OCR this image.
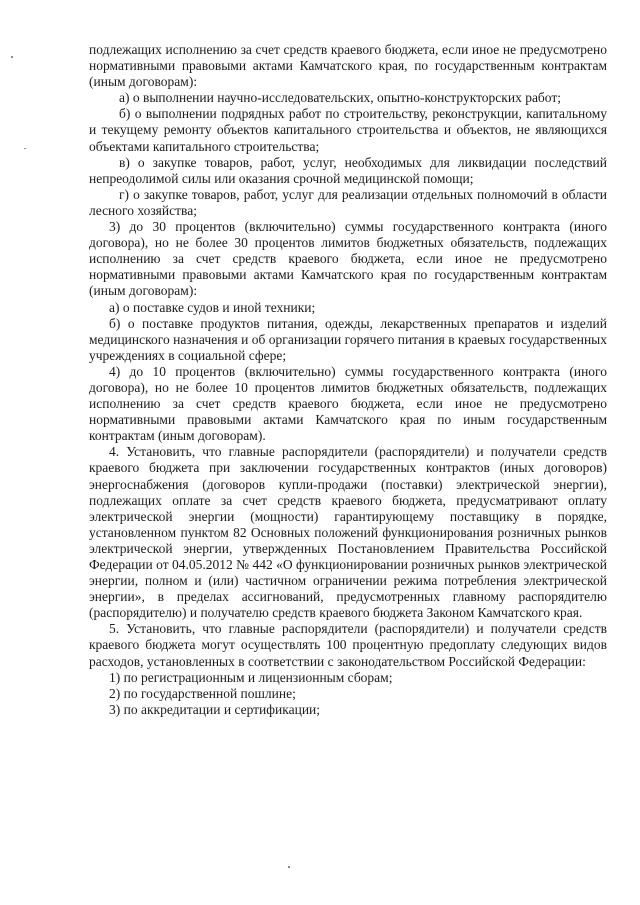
подлежащих исполнению за счет средств краевого бюджета, если иное не предусмотрено нормативными правовыми актами Камчатского края, по государственным контрактам (иным договорам):

а) о выполнении научно-исследовательских, опытно-конструкторских работ;

б) о выполнении подрядных работ по строительству, реконструкции, капитальному и текущему ремонту объектов капитального строительства и объектов, не являющихся объектами капитального строительства;

в) о закупке товаров, работ, услуг, необходимых для ликвидации последствий непреодолимой силы или оказания срочной медицинской помощи;

г) о закупке товаров, работ, услуг для реализации отдельных полномочий в области лесного хозяйства;

3) до 30 процентов (включительно) суммы государственного контракта (иного договора), но не более 30 процентов лимитов бюджетных обязательств, подлежащих исполнению за счет средств краевого бюджета, если иное не предусмотрено нормативными правовыми актами Камчатского края по государственным контрактам (иным договорам):

а) о поставке судов и иной техники;

б) о поставке продуктов питания, одежды, лекарственных препаратов и изделий медицинского назначения и об организации горячего питания в краевых государственных учреждениях в социальной сфере;

4) до 10 процентов (включительно) суммы государственного контракта (иного договора), но не более 10 процентов лимитов бюджетных обязательств, подлежащих исполнению за счет средств краевого бюджета, если иное не предусмотрено нормативными правовыми актами Камчатского края по иным государственным контрактам (иным договорам).

4. Установить, что главные распорядители (распорядители) и получатели средств краевого бюджета при заключении государственных контрактов (иных договоров) энергоснабжения (договоров купли-продажи (поставки) электрической энергии), подлежащих оплате за счет средств краевого бюджета, предусматривают оплату электрической энергии (мощности) гарантирующему поставщику в порядке, установленном пунктом 82 Основных положений функционирования розничных рынков электрической энергии, утвержденных Постановлением Правительства Российской Федерации от 04.05.2012 № 442 «О функционировании розничных рынков электрической энергии, полном и (или) частичном ограничении режима потребления электрической энергии», в пределах ассигнований, предусмотренных главному распорядителю (распорядителю) и получателю средств краевого бюджета Законом Камчатского края.

5. Установить, что главные распорядители (распорядители) и получатели средств краевого бюджета могут осуществлять 100 процентную предоплату следующих видов расходов, установленных в соответствии с законодательством Российской Федерации:

1) по регистрационным и лицензионным сборам;

2) по государственной пошлине;

3) по аккредитации и сертификации;
